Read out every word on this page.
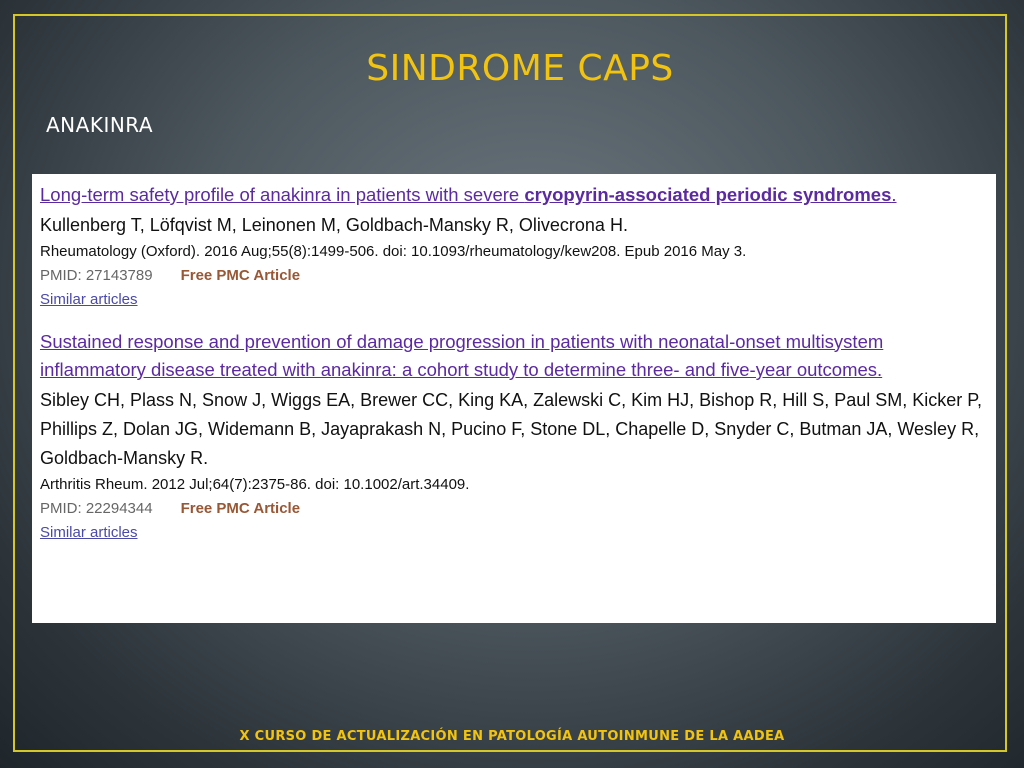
SINDROME CAPS
ANAKINRA
Long-term safety profile of anakinra in patients with severe cryopyrin-associated periodic syndromes.
Kullenberg T, Löfqvist M, Leinonen M, Goldbach-Mansky R, Olivecrona H.
Rheumatology (Oxford). 2016 Aug;55(8):1499-506. doi: 10.1093/rheumatology/kew208. Epub 2016 May 3.
PMID: 27143789 Free PMC Article
Similar articles
Sustained response and prevention of damage progression in patients with neonatal-onset multisystem inflammatory disease treated with anakinra: a cohort study to determine three- and five-year outcomes.
Sibley CH, Plass N, Snow J, Wiggs EA, Brewer CC, King KA, Zalewski C, Kim HJ, Bishop R, Hill S, Paul SM, Kicker P, Phillips Z, Dolan JG, Widemann B, Jayaprakash N, Pucino F, Stone DL, Chapelle D, Snyder C, Butman JA, Wesley R, Goldbach-Mansky R.
Arthritis Rheum. 2012 Jul;64(7):2375-86. doi: 10.1002/art.34409.
PMID: 22294344 Free PMC Article
Similar articles
X CURSO DE ACTUALIZACIÓN EN PATOLOGÍA AUTOINMUNE DE LA AADEA
